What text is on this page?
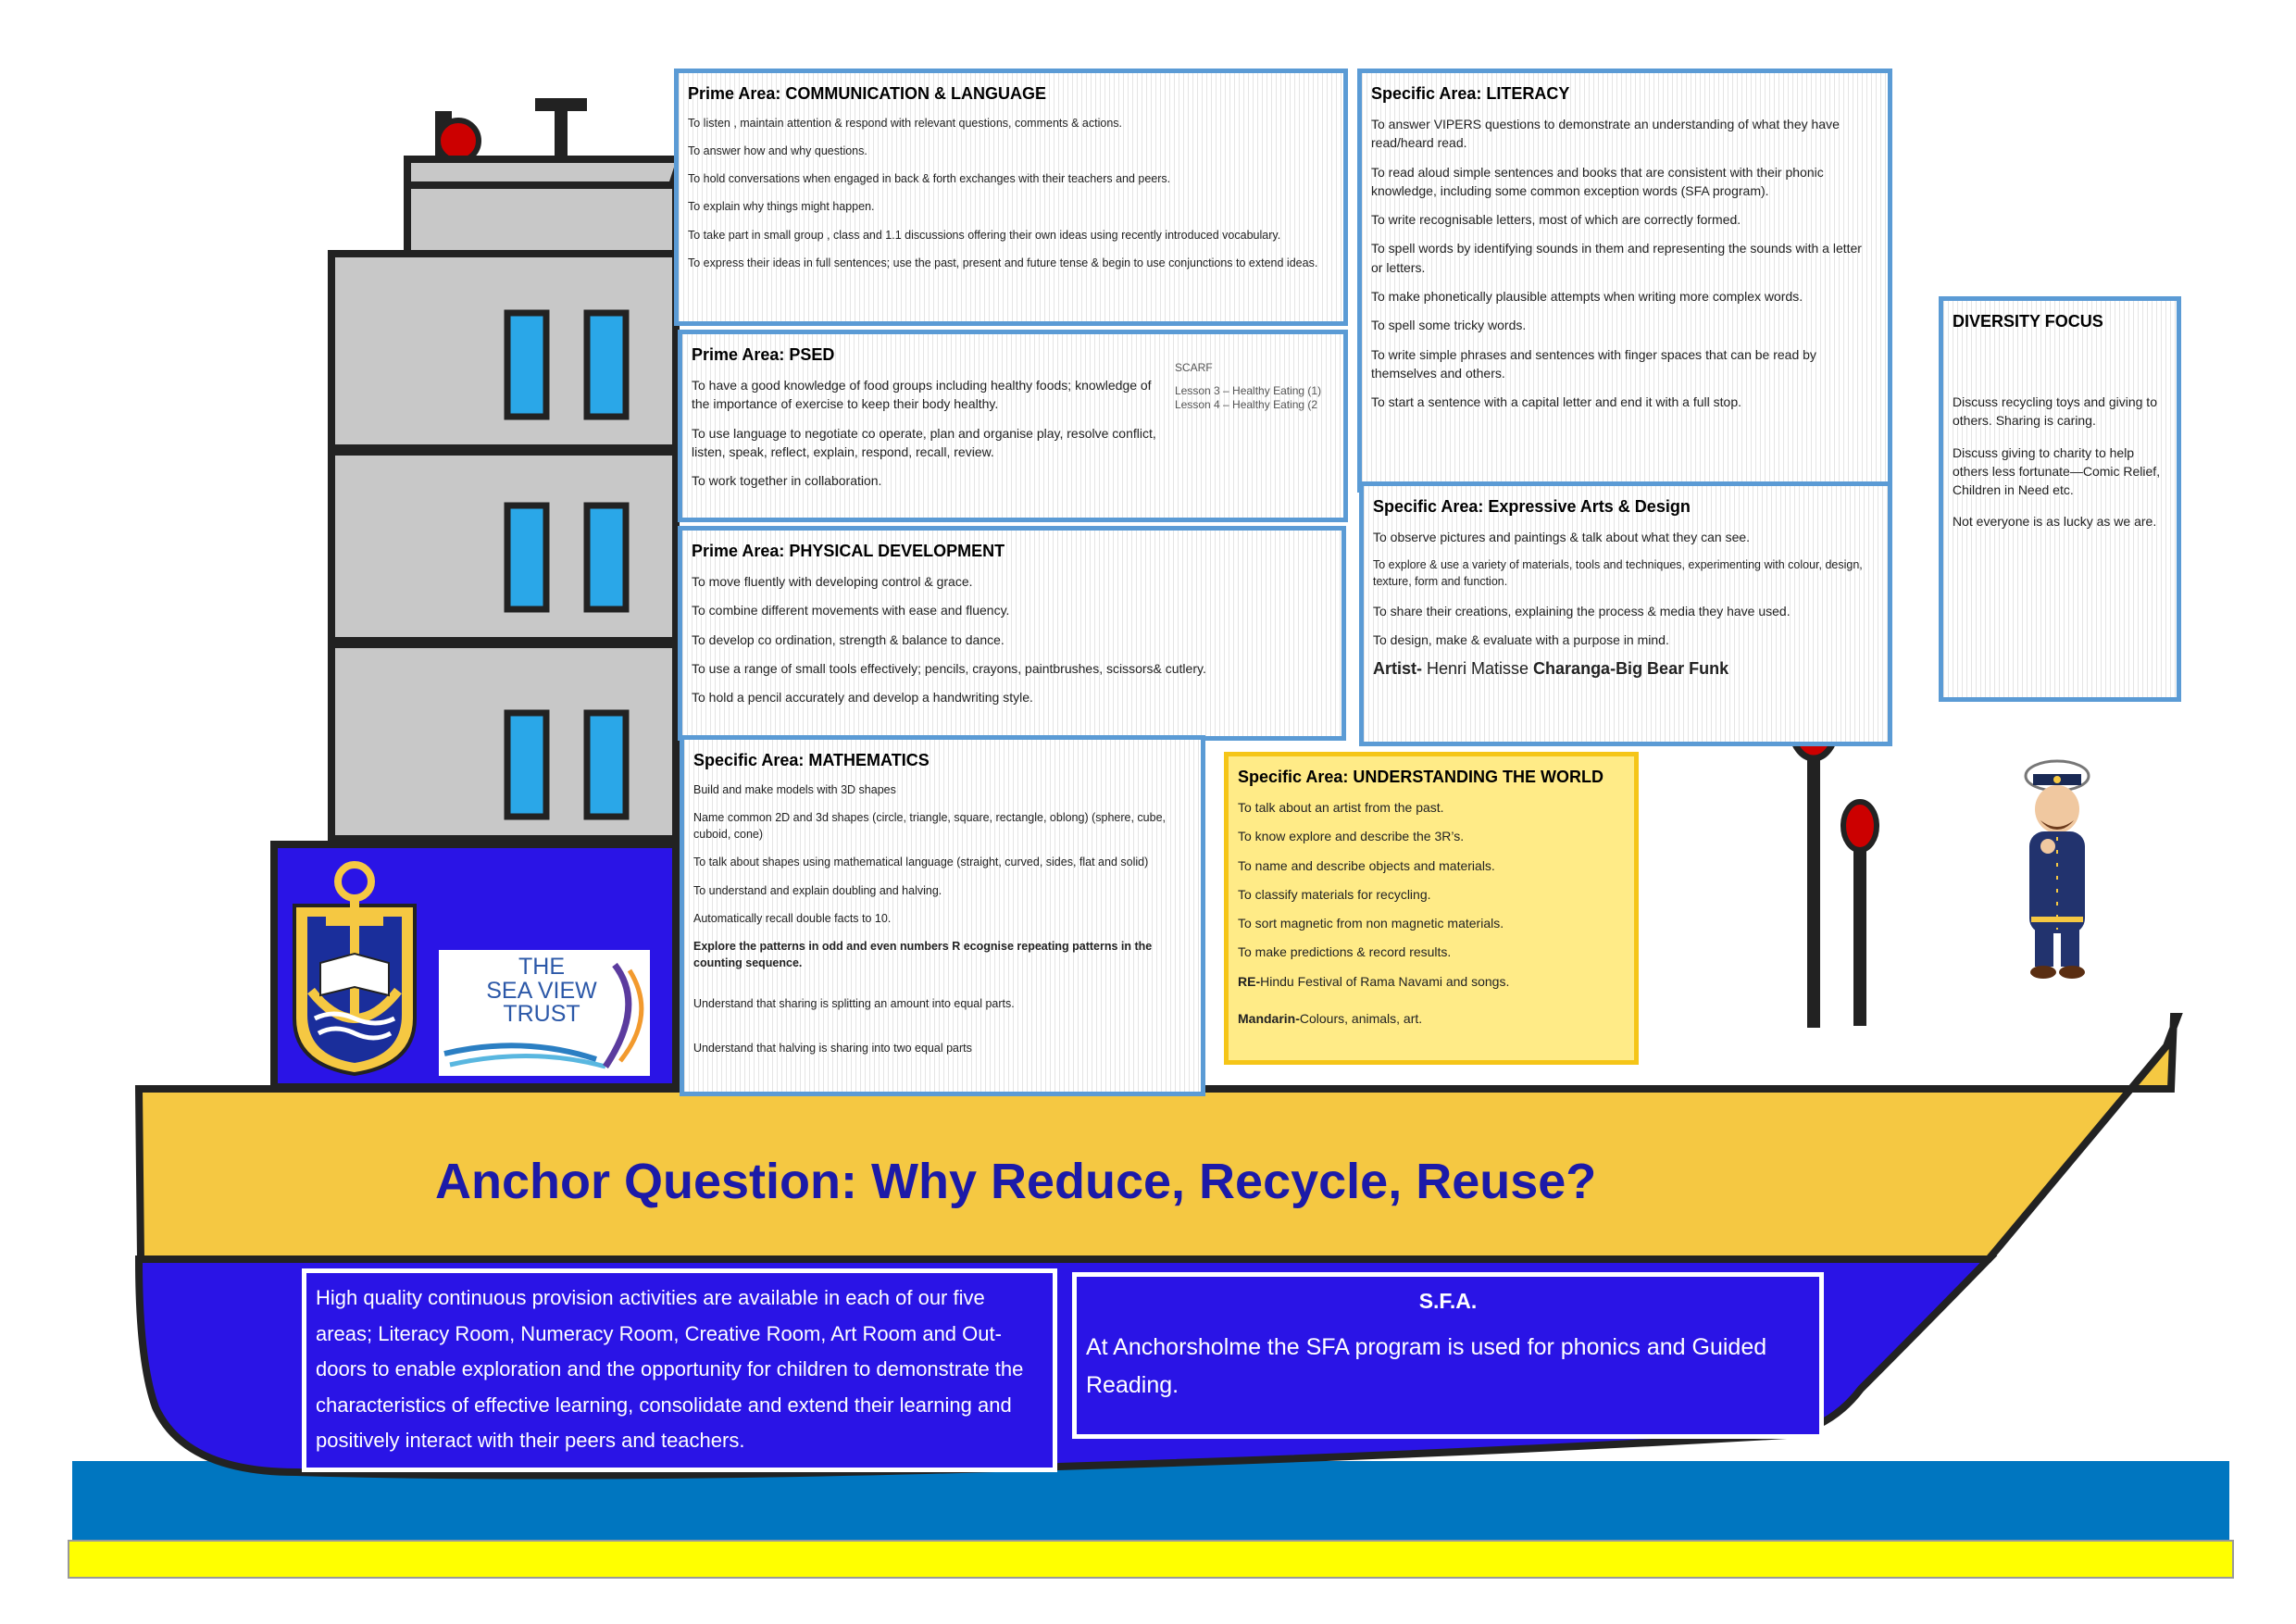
THE
SEA VIEW
TRUST
Prime Area: COMMUNICATION & LANGUAGE

To listen , maintain attention & respond with relevant questions, comments & actions.

To answer how and why questions.

To hold conversations when engaged in back & forth exchanges with their teachers and peers.

To explain why things might happen.

To take part in small group , class and 1.1 discussions offering their own ideas using recently introduced vocabulary.

To express their ideas in full sentences; use the past, present and future tense & begin to use conjunctions to extend ideas.

Specific Area: LITERACY

To answer VIPERS questions to demonstrate an understanding of what they have read/heard read.

To read aloud simple sentences and books that are consistent with their phonic knowledge, including some common exception words (SFA program).

To write recognisable letters, most of which are correctly formed.

To spell words by identifying sounds in them and representing the sounds with a letter or letters.

To make phonetically plausible attempts when writing more complex words.

To spell some tricky words.

To write simple phrases and sentences with finger spaces that can be read by themselves and others.

To start a sentence with a capital letter and end it with a full stop.

Prime Area: PSED

To have a good knowledge of food groups including healthy foods; knowledge of the importance of exercise to keep their body healthy.

To use language to negotiate co operate, plan and organise play, resolve conflict, listen, speak, reflect, explain, respond, recall, review.

To work together in collaboration.

SCARF
Lesson 3 – Healthy Eating (1)
Lesson 4 – Healthy Eating (2
Prime Area: PHYSICAL DEVELOPMENT

To move fluently with developing control & grace.

To combine different movements with ease and fluency.

To develop co ordination, strength & balance to dance.

To use a range of small tools effectively; pencils, crayons, paintbrushes, scissors& cutlery.

To hold a pencil accurately and develop a handwriting style.

Specific Area: Expressive Arts & Design

To observe pictures and paintings & talk about what they can see.

To explore & use a variety of materials, tools and techniques, experimenting with colour, design, texture, form and function.

To share their creations, explaining the process & media they have used.

To design, make & evaluate with a purpose in mind.

Artist- Henri Matisse Charanga-Big Bear Funk
Specific Area: MATHEMATICS

Build and make models with 3D shapes

Name common 2D and 3d shapes (circle, triangle, square, rectangle, oblong) (sphere, cube, cuboid, cone)

To talk about shapes using mathematical language (straight, curved, sides, flat and solid)

To understand and explain doubling and halving.

Automatically recall double facts to 10.

Explore the patterns in odd and even numbers R ecognise repeating patterns in the counting sequence.

Understand that sharing is splitting an amount into equal parts.

Understand that halving is sharing into two equal parts

Specific Area: UNDERSTANDING THE WORLD

To talk about an artist from the past.

To know explore and describe the 3R’s.

To name and describe objects and materials.

To classify materials for recycling.

To sort magnetic from non magnetic materials.

To make predictions & record results.

RE-Hindu Festival of Rama Navami and songs.

Mandarin-Colours, animals, art.

DIVERSITY FOCUS

Discuss recycling toys and giving to others. Sharing is caring.

Discuss giving to charity to help others less fortunate—Comic Relief, Children in Need etc.

Not everyone is as lucky as we are.

Anchor Question: Why Reduce, Recycle, Reuse?
High quality continuous provision activities are available in each of our five areas; Literacy Room, Numeracy Room, Creative Room, Art Room and Out-doors to enable exploration and the opportunity for children to demonstrate the characteristics of effective learning, consolidate and extend their learning and positively interact with their peers and teachers.
S.F.A.
At Anchorsholme the SFA program is used for phonics and Guided Reading.
